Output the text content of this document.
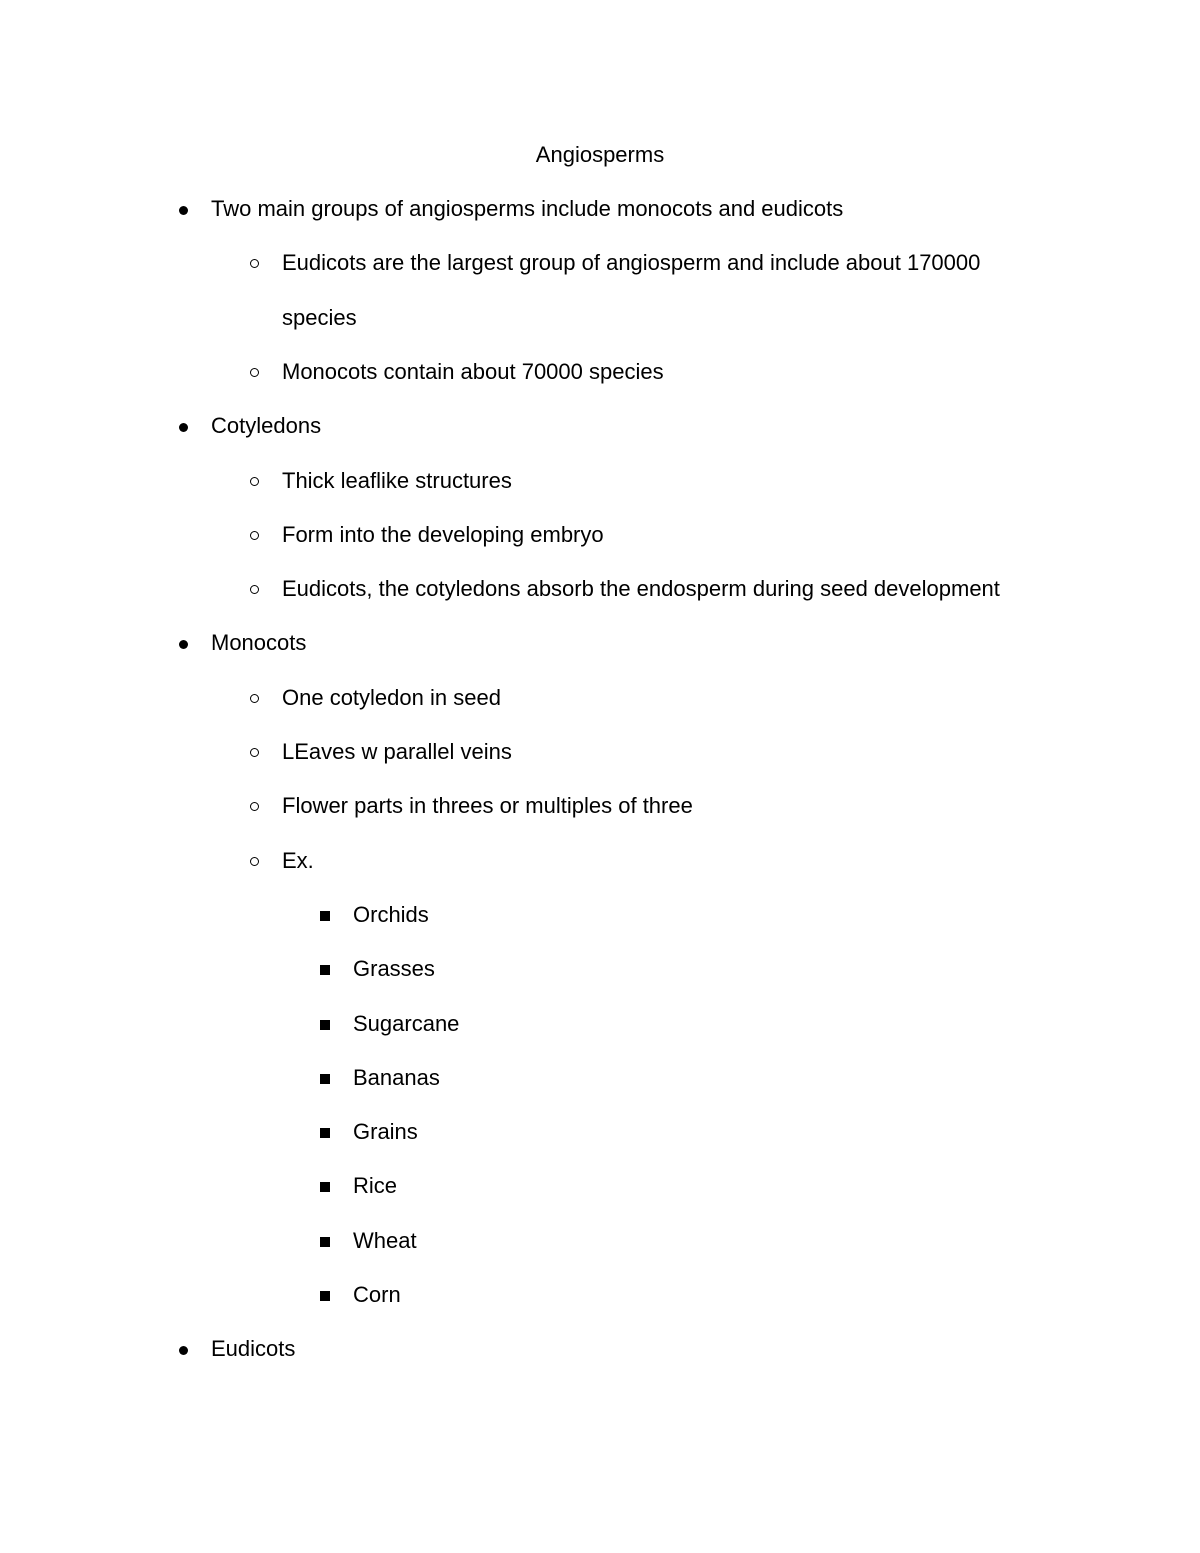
Angiosperms
Two main groups of angiosperms include monocots and eudicots
Eudicots are the largest group of angiosperm and include about 170000
species
Monocots contain about 70000 species
Cotyledons
Thick leaflike structures
Form into the developing embryo
Eudicots, the cotyledons absorb the endosperm during seed development
Monocots
One cotyledon in seed
LEaves w parallel veins
Flower parts in threes or multiples of three
Ex.
Orchids
Grasses
Sugarcane
Bananas
Grains
Rice
Wheat
Corn
Eudicots
